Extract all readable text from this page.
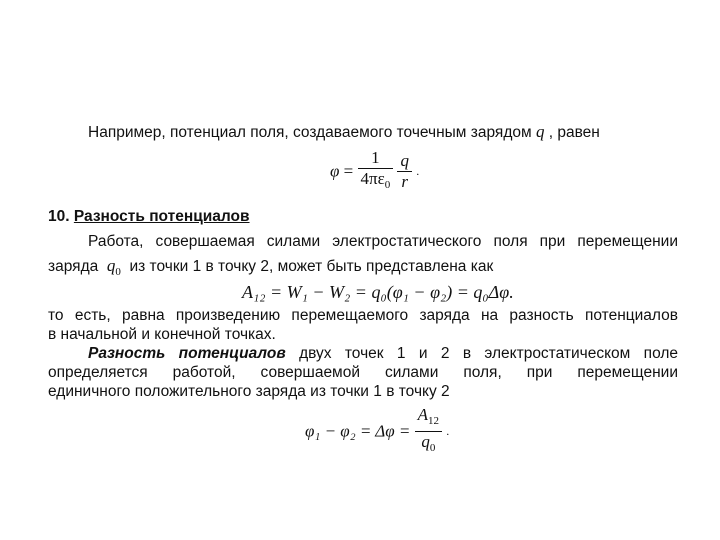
Например, потенциал поля, создаваемого точечным зарядом q , равен
$\varphi = \frac{1}{4\pi\varepsilon_0}$
$\frac{q}{r}$ .
10. Разность потенциалов
Работа, совершаемая силами электростатического поля при перемещении
заряда $q_0$ из точки 1 в точку 2, может быть представлена как
A₁₂ = W₁ − W₂ = q₀(φ₁ − φ₂) = q₀Δφ.
то есть, равна произведению перемещаемого заряда на разность потенциалов
в начальной и конечной точках.
Разность потенциалов двух точек 1 и 2 в электростатическом поле
определяется работой, совершаемой силами поля, при перемещении
единичного положительного заряда из точки 1 в точку 2
$\varphi_1 - \varphi_2 = \Delta\varphi = \frac{A_{12}}{q_0}$ .
